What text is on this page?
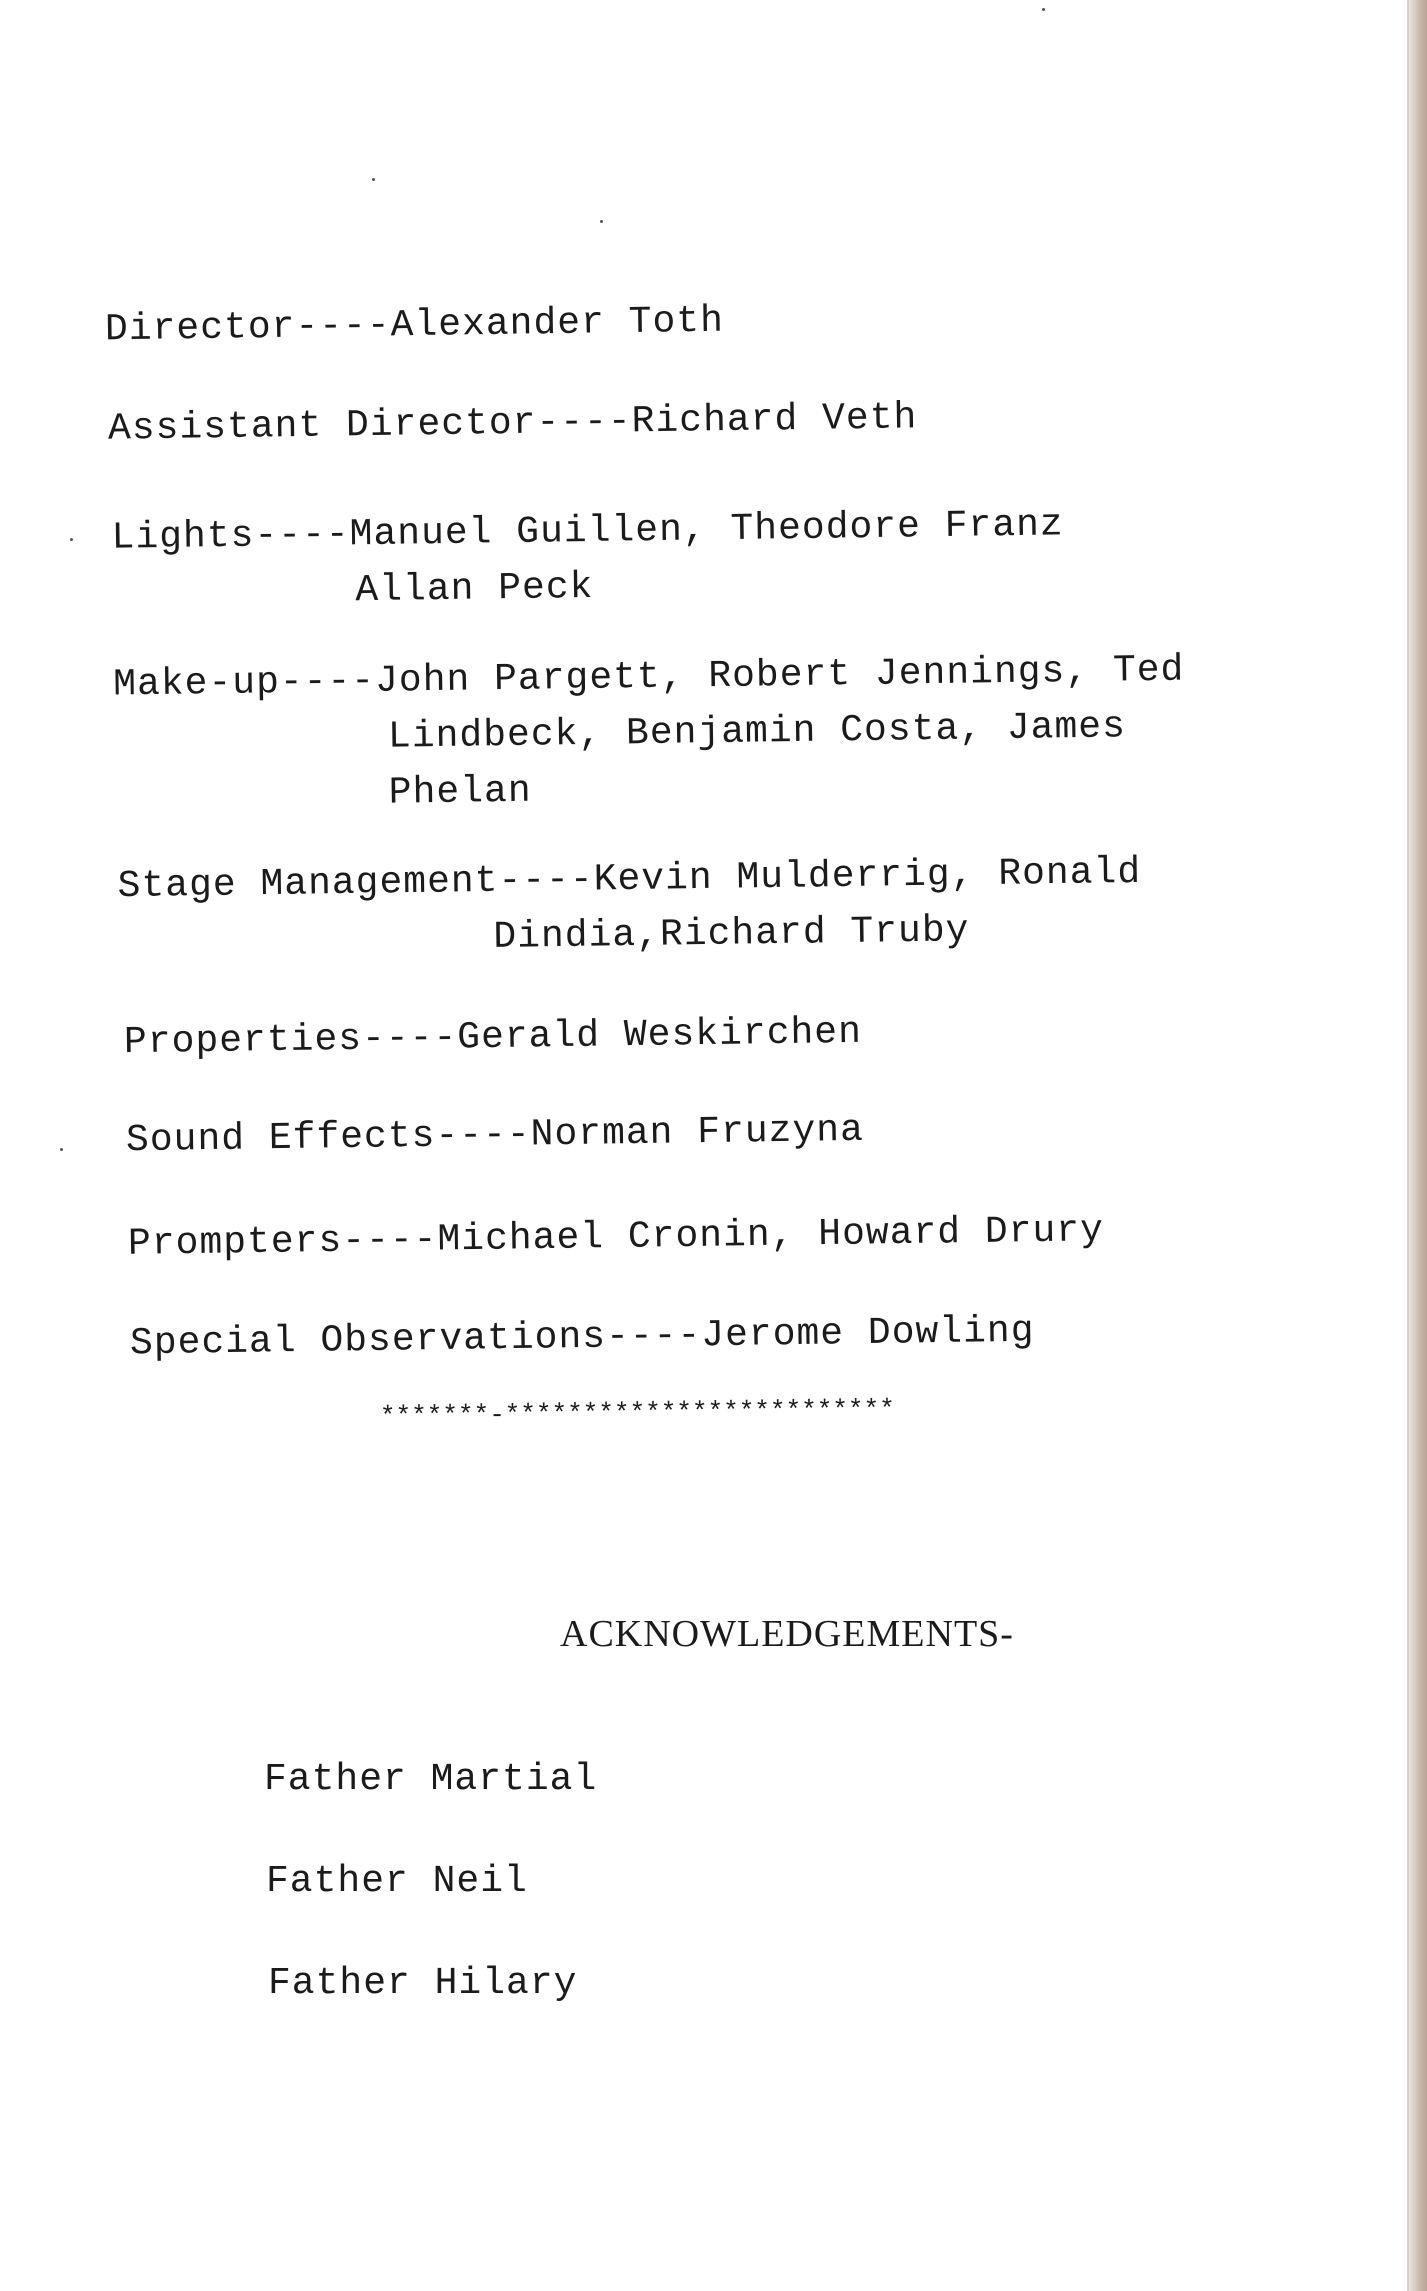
Director----Alexander Toth
Assistant Director----Richard Veth
Lights----Manuel Guillen, Theodore Franz
Allan Peck
Make-up----John Pargett, Robert Jennings, Ted
Lindbeck, Benjamin Costa, James
Phelan
Stage Management----Kevin Mulderrig, Ronald
Dindia,Richard Truby
Properties----Gerald Weskirchen
Sound Effects----Norman Fruzyna
Prompters----Michael Cronin, Howard Drury
Special Observations----Jerome Dowling
*******-*************************
ACKNOWLEDGEMENTS-
Father Martial
Father Neil
Father Hilary
